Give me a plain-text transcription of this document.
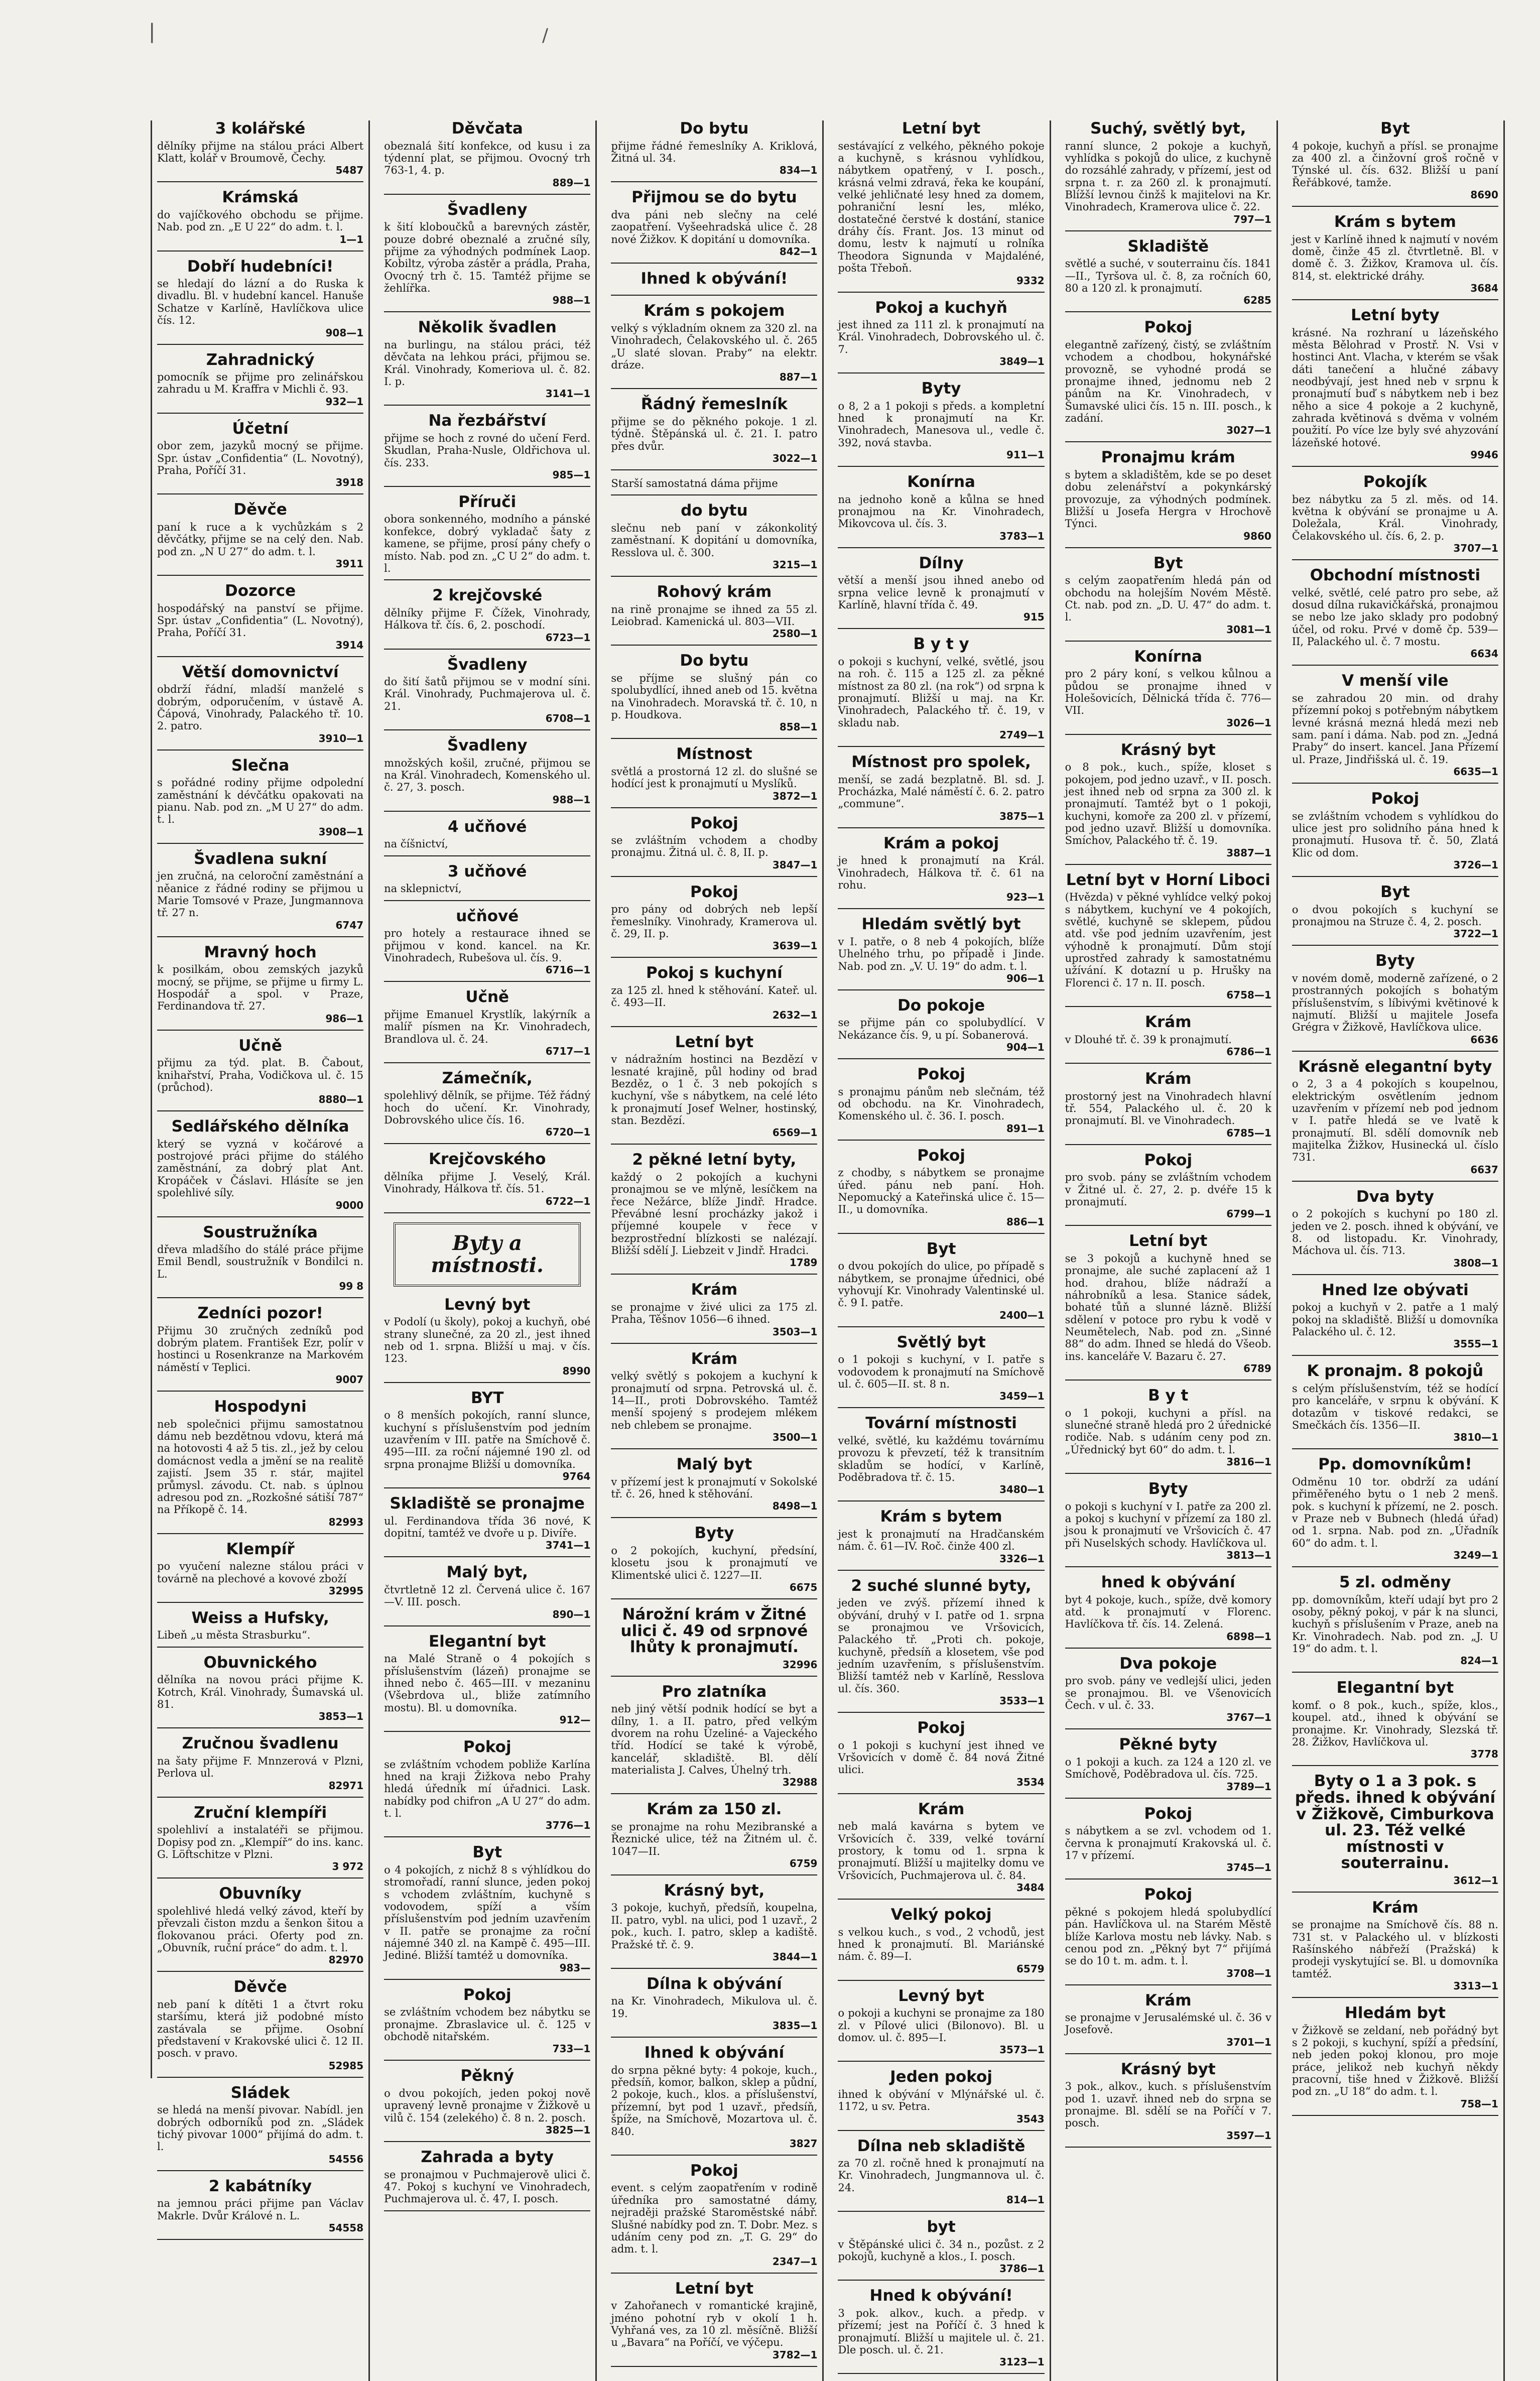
|	/
3 kolářské

dělníky přijme na stálou práci Albert Klatt, kolář v Broumově, Čechy.

5487
Krámská

do vajíčkového obchodu se přijme. Nab. pod zn. „E U 22“ do adm. t. l.

1—1
Dobří hudebníci!

se hledají do lázní a do Ruska k divadlu. Bl. v hudební kancel. Hanuše Schatze v Karlíně, Havlíčkova ulice čís. 12.

908—1
Zahradnický

pomocník se přijme pro zelinářskou zahradu u M. Kraffra v Michli č. 93.

932—1
Účetní

obor zem, jazyků mocný se přijme. Spr. ústav „Confidentia“ (L. Novotný), Praha, Poříčí 31.

3918
Děvče

paní k ruce a k vychůzkám s 2 děvčátky, přijme se na celý den. Nab. pod zn. „N U 27“ do adm. t. l.

3911
Dozorce

hospodářský na panství se přijme. Spr. ústav „Confidentia“ (L. Novotný), Praha, Poříčí 31.

3914
Větší domovnictví

obdrží řádní, mladší manželé s dobrým, odporučením, v ústavě A. Čápová, Vinohrady, Palackého tř. 10. 2. patro.

3910—1
Slečna

s pořádné rodiny přijme odpolední zaměstnání k dévčátku opakovati na pianu. Nab. pod zn. „M U 27“ do adm. t. l.

3908—1
Švadlena sukní

jen zručná, na celoroční zaměstnání a něanice z řádné rodiny se přijmou u Marie Tomsové v Praze, Jungmannova tř. 27 n.

6747
Mravný hoch

k posilkám, obou zemských jazyků mocný, se přijme, se přijme u firmy L. Hospodář a spol. v Praze, Ferdinandova tř. 27.

986—1
Učně

přijmu za týd. plat. B. Čabout, knihařství, Praha, Vodičkova ul. č. 15 (průchod).

8880—1
Sedlářského dělníka

který se vyzná v kočárové a postrojové práci přijme do stálého zaměstnání, za dobrý plat Ant. Kropáček v Čáslavi. Hlásíte se jen spolehlivé síly.

9000
Soustružníka

dřeva mladšího do stálé práce přijme Emil Bendl, soustružník v Bondilci n. L.

99 8
Zedníci pozor!

Přijmu 30 zručných zedníků pod dobrým platem. František Ezr, polír v hostinci u Rosenkranze na Markovém náměstí v Teplici.

9007
Hospodyni

neb společnici přijmu samostatnou dámu neb bezdětnou vdovu, která má na hotovosti 4 až 5 tis. zl., jež by celou domácnost vedla a jmění se na realitě zajistí. Jsem 35 r. stár, majitel průmysl. závodu. Ct. nab. s úplnou adresou pod zn. „Rozkošné sátiší 787“ na Příkopě č. 14.

82993
Klempíř

po vyučení nalezne stálou práci v továrně na plechové a kovové zboží

32995
Weiss a Hufsky,

Libeň „u města Strasburku“.

Obuvnického

dělníka na novou práci přijme K. Kotrch, Král. Vinohrady, Šumavská ul. 81.

3853—1
Zručnou švadlenu

na šaty přijme F. Mnnzerová v Plzni, Perlova ul.

82971
Zruční klempíři

spolehliví a instalatéři se přijmou. Dopisy pod zn. „Klempíř“ do ins. kanc. G. Löftschitze v Plzni.

3 972
Obuvníky

spolehlivé hledá velký závod, kteří by převzali čiston mzdu a šenkon šitou a flokovanou práci. Oferty pod zn. „Obuvník, ruční práce“ do adm. t. l.

82970
Děvče

neb paní k dítěti 1 a čtvrt roku staršímu, která již podobné místo zastávala se přijme. Osobní představení v Krakovské ulici č. 12 II. posch. v pravo.

52985
Sládek

se hledá na menší pivovar. Nabídl. jen dobrých odborníků pod zn. „Sládek tichý pivovar 1000“ přijímá do adm. t. l.

54556
2 kabátníky

na jemnou práci přijme pan Václav Makrle. Dvůr Králové n. L.

54558
Děvčata

obeznalá šití konfekce, od kusu i za týdenní plat, se přijmou. Ovocný trh 763-1, 4. p.

889—1
Švadleny

k šití kloboučků a barevných zástěr, pouze dobré obeznalé a zručné síly, přijme za výhodných podmínek Laop. Kobiltz, výroba zástěr a prádla, Praha, Ovocný trh č. 15. Tamtéž přijme se žehlířka.

988—1
Několik švadlen

na burlingu, na stálou práci, též děvčata na lehkou práci, přijmou se. Král. Vinohrady, Komeriova ul. č. 82. I. p.

3141—1
Na řezbářství

přijme se hoch z rovné do učení Ferd. Skudlan, Praha-Nusle, Oldřichova ul. čís. 233.

985—1
Příruči

obora sonkenného, modního a pánské konfekce, dobrý vykladač šaty z kamene, se přijme, prosí pány chefy o místo. Nab. pod zn. „C U 2“ do adm. t. l.

2 krejčovské

dělníky přijme F. Čížek, Vinohrady, Hálkova tř. čís. 6, 2. poschodí.

6723—1
Švadleny

do šití šatů přijmou se v modní síni. Král. Vinohrady, Puchmajerova ul. č. 21.

6708—1
Švadleny

množských košil, zručné, přijmou se na Král. Vinohradech, Komenského ul. č. 27, 3. posch.

988—1
4 učňové

na číšnictví,

3 učňové

na sklepnictví,

učňové

pro hotely a restaurace ihned se přijmou v kond. kancel. na Kr. Vinohradech, Rubešova ul. čís. 9.

6716—1
Učně

přijme Emanuel Krystlík, lakýrník a malíř písmen na Kr. Vinohradech, Brandlova ul. č. 24.

6717—1
Zámečník,

spolehlivý dělník, se přijme. Též řádný hoch do učení. Kr. Vinohrady, Dobrovského ulice čís. 16.

6720—1
Krejčovského

dělníka přijme J. Veselý, Král. Vinohrady, Hálkova tř. čís. 51.

6722—1
Byty a místnosti.
Levný byt

v Podolí (u školy), pokoj a kuchyň, obé strany slunečné, za 20 zl., jest ihned neb od 1. srpna. Bližší u maj. v čís. 123.

8990
BYT

o 8 menších pokojích, ranní slunce, kuchyní s příslušenstvím pod jedním uzavřením v III. patře na Smíchově č. 495—III. za roční nájemné 190 zl. od srpna pronajme Bližší u domovníka.

9764
Skladiště se pronajme

ul. Ferdinandova třída 36 nové, K dopitní, tamtéž ve dvoře u p. Divíře.

3741—1
Malý byt,

čtvrtletně 12 zl. Červená ulice č. 167—V. III. posch.

890—1
Elegantní byt

na Malé Straně o 4 pokojích s příslušenstvím (lázeň) pronajme se ihned nebo č. 465—III. v mezaninu (Všebrdova ul., bliže zatímního mostu). Bl. u domovníka.

912—
Pokoj

se zvláštním vchodem pobliže Karlína hned na kraji Žižkova nebo Prahy hledá úředník mí úřadnici. Lask. nabídky pod chifron „A U 27“ do adm. t. l.

3776—1
Byt

o 4 pokojích, z nichž 8 s výhlídkou do stromořadí, ranní slunce, jeden pokoj s vchodem zvláštním, kuchyně s vodovodem, spíží a vším příslušenstvím pod jedním uzavřením v II. patře se pronajme za roční nájemné 340 zl. na Kampě č. 495—III. Jediné. Bližší tamtéž u domovníka.

983—
Pokoj

se zvláštním vchodem bez nábytku se pronajme. Zbraslavice ul. č. 125 v obchodě nitařském.

733—1
Pěkný

o dvou pokojích, jeden pokoj nově upravený levně pronajme v Žižkově u vilů č. 154 (zelekého) č. 8 n. 2. posch.

3825—1
Zahrada a byty

se pronajmou v Puchmajerově ulici č. 47. Pokoj s kuchyní ve Vinohradech, Puchmajerova ul. č. 47, I. posch.

Do bytu

přijme řádné řemeslníky A. Kriklová, Žitná ul. 34.

834—1
Přijmou se do bytu

dva páni neb slečny na celé zaopatření. Vyšeehradská ulice č. 28 nové Žižkov. K dopitání u domovníka.

842—1
Ihned k obývání!

Krám s pokojem

velký s výkladním oknem za 320 zl. na Vinohradech, Čelakovského ul. č. 265 „U slaté slovan. Praby“ na elektr. dráze.

887—1
Řádný řemeslník

přijme se do pěkného pokoje. 1 zl. týdně. Štěpánská ul. č. 21. I. patro přes dvůr.

3022—1

Starší samostatná dáma přijme

do bytu

slečnu neb paní v zákonkolitý zaměstnaní. K dopitání u domovníka, Resslova ul. č. 300.

3215—1
Rohový krám

na rině pronajme se ihned za 55 zl. Leiobrad. Kamenická ul. 803—VII.

2580—1
Do bytu

se příjme se slušný pán co spolubydlící, ihned aneb od 15. května na Vinohradech. Moravská tř. č. 10, n p. Houdkova.

858—1
Místnost

světlá a prostorná 12 zl. do slušné se hodící jest k pronajmutí u Myslíků.

3872—1
Pokoj

se zvláštním vchodem a chodby pronajmu. Žitná ul. č. 8, II. p.

3847—1
Pokoj

pro pány od dobrých neb lepší řemeslníky. Vinohrady, Kramerova ul. č. 29, II. p.

3639—1
Pokoj s kuchyní

za 125 zl. hned k stěhování. Kateř. ul. č. 493—II.

2632—1
Letní byt

v nádražním hostinci na Bezdězí v lesnaté krajině, půl hodiny od brad Bezděz, o 1 č. 3 neb pokojích s kuchyní, vše s nábytkem, na celé léto k pronajmutí Josef Welner, hostinský, stan. Bezdězí.

6569—1
2 pěkné letní byty,

každý o 2 pokojích a kuchyni pronajmou se ve mlýně, lesíčkem na řece Nežárce, blíže Jindř. Hradce. Převábné lesní procházky jakož i příjemné koupele v řece v bezprostřední blízkosti se nalézají. Bližší sdělí J. Liebzeit v Jindř. Hradci.

1789
Krám

se pronajme v živé ulici za 175 zl. Praha, Těšnov 1056—6 ihned.

3503—1
Krám

velký světlý s pokojem a kuchyní k pronajmutí od srpna. Petrovská ul. č. 14—II., proti Dobrovského. Tamtéž menší spojený s prodejem mlékem neb chlebem se pronajme.

3500—1
Malý byt

v přízemí jest k pronajmutí v Sokolské tř. č. 26, hned k stěhování.

8498—1
Byty

o 2 pokojích, kuchyní, předsíní, klosetu jsou k pronajmutí ve Klimentské ulici č. 1227—II.

6675
Nárožní krám v Žitné ulici č. 49 od srpnové lhůty k pronajmutí.

32996
Pro zlatníka

neb jiný větší podnik hodící se byt a dílny, 1. a II. patro, před velkým dvorem na rohu Úzeliné- a Vajeckého tříd. Hodící se také k výrobě, kancelář, skladiště. Bl. dělí materialista J. Calves, Úhelný trh.

32988
Krám za 150 zl.

se pronajme na rohu Mezibranské a Řeznické ulice, též na Žitném ul. č. 1047—II.

6759
Krásný byt,

3 pokoje, kuchyň, předsíň, koupelna, II. patro, vybl. na ulici, pod 1 uzavř., 2 pok., kuch. I. patro, sklep a kadiště. Pražské tř. č. 9.

3844—1
Dílna k obývání

na Kr. Vinohradech, Mikulova ul. č. 19.

3835—1
Ihned k obývání

do srpna pěkné byty: 4 pokoje, kuch., předsíň, komor, balkon, sklep a půdní, 2 pokoje, kuch., klos. a příslušenství, přízemní, byt pod 1 uzavř., předsíň, špíže, na Smíchově, Mozartova ul. č. 840.

3827
Pokoj

event. s celým zaopatřením v rodině úředníka pro samostatné dámy, nejraději pražské Staroměstské nábř. Slušné nabídky pod zn. T. Dobr. Mez. s udáním ceny pod zn. „T. G. 29“ do adm. t. l.

2347—1
Letní byt

v Zahořanech v romantické krajině, jméno pohotní ryb v okolí 1 h. Vyhřaná ves, za 10 zl. měsíčně. Bližší u „Bavara“ na Poříčí, ve výčepu.

3782—1
Letní byt

sestávající z velkého, pěkného pokoje a kuchyně, s krásnou vyhlídkou, nábytkem opatřený, v I. posch., krásná velmi zdravá, řeka ke koupání, velké jehličnaté lesy hned za domem, pohraniční lesní les, mléko, dostatečné čerstvé k dostání, stanice dráhy čís. Frant. Jos. 13 minut od domu, lestv k najmutí u rolníka Theodora Signunda v Majdaléné, pošta Třeboň.

9332
Pokoj a kuchyň

jest ihned za 111 zl. k pronajmutí na Král. Vinohradech, Dobrovského ul. č. 7.

3849—1
Byty

o 8, 2 a 1 pokoji s předs. a kompletní hned k pronajmutí na Kr. Vinohradech, Manesova ul., vedle č. 392, nová stavba.

911—1
Konírna

na jednoho koně a kůlna se hned pronajmou na Kr. Vinohradech, Mikovcova ul. čís. 3.

3783—1
Dílny

větší a menší jsou ihned anebo od srpna velice levně k pronajmutí v Karlíně, hlavní třída č. 49.

915
B y t y

o pokoji s kuchyní, velké, světlé, jsou na roh. č. 115 a 125 zl. za pěkné místnost za 80 zl. (na rok“) od srpna k pronajmutí. Bližší u maj. na Kr. Vinohradech, Palackého tř. č. 19, v skladu nab.

2749—1
Místnost pro spolek,

menší, se zadá bezplatně. Bl. sd. J. Procházka, Malé náměstí č. 6. 2. patro „commune“.

3875—1
Krám a pokoj

je hned k pronajmutí na Král. Vinohradech, Hálkova tř. č. 61 na rohu.

923—1
Hledám světlý byt

v I. patře, o 8 neb 4 pokojích, blíže Uhelného trhu, po případě i Jinde. Nab. pod zn. „V. U. 19“ do adm. t. l.

906—1
Do pokoje

se přijme pán co spolubydlící. V Nekázance čís. 9, u pí. Sobanerová.

904—1
Pokoj

s pronajmu pánům neb slečnám, též od obchodu. na Kr. Vinohradech, Komenského ul. č. 36. I. posch.

891—1
Pokoj

z chodby, s nábytkem se pronajme úřed. pánu neb paní. Hoh. Nepomucký a Kateřinská ulice č. 15—II., u domovníka.

886—1
Byt

o dvou pokojích do ulice, po případě s nábytkem, se pronajme úřednici, obé vyhovují Kr. Vinohrady Valentinské ul. č. 9 I. patře.

2400—1
Světlý byt

o 1 pokoji s kuchyní, v I. patře s vodovodem k pronajmutí na Smíchově ul. č. 605—II. st. 8 n.

3459—1
Tovární místnosti

velké, světlé, ku každému továrnímu provozu k převzetí, též k transitním skladům se hodící, v Karlíně, Poděbradova tř. č. 15.

3480—1
Krám s bytem

jest k pronajmutí na Hradčanském nám. č. 61—IV. Roč. činže 400 zl.

3326—1
2 suché slunné byty,

jeden ve zvýš. přízemí ihned k obývání, druhý v I. patře od 1. srpna se pronajmou ve Vršovicích, Palackého tř. „Proti ch. pokoje, kuchyně, předsíň a klosetem, vše pod jedním uzavřením, s příslušenstvím. Bližší tamtéž neb v Karlíně, Resslova ul. čís. 360.

3533—1
Pokoj

o 1 pokoji s kuchyní jest ihned ve Vršovicích v domě č. 84 nová Žitné ulici.

3534
Krám

neb malá kavárna s bytem ve Vršovicích č. 339, velké tovární prostory, k tomu od 1. srpna k pronajmutí. Bližší u majitelky domu ve Vršovicích, Puchmajerova ul. č. 84.

3484
Velký pokoj

s velkou kuch., s vod., 2 vchodů, jest hned k pronajmutí. Bl. Mariánské nám. č. 89—I.

6579
Levný byt

o pokoji a kuchyni se pronajme za 180 zl. v Pílové ulici (Bilonovo). Bl. u domov. ul. č. 895—I.

3573—1
Jeden pokoj

ihned k obývání v Mlýnářské ul. č. 1172, u sv. Petra.

3543
Dílna neb skladiště

za 70 zl. ročně hned k pronajmutí na Kr. Vinohradech, Jungmannova ul. č. 24.

814—1
byt

v Štěpánské ulici č. 34 n., pozůst. z 2 pokojů, kuchyně a klos., I. posch.

3786—1
Hned k obývání!

3 pok. alkov., kuch. a předp. v přízemí; jest na Poříčí č. 3 hned k pronajmutí. Bližší u majitele ul. č. 21. Dle posch. ul. č. 21.

3123—1
Suchý, světlý byt,

ranní slunce, 2 pokoje a kuchyň, vyhlídka s pokojů do ulice, z kuchyně do rozsáhlé zahrady, v přízemí, jest od srpna t. r. za 260 zl. k pronajmutí. Blížší levnou činžš k majitelovi na Kr. Vinohradech, Kramerova ulice č. 22.

797—1
Skladiště

světlé a suché, v souterrainu čís. 1841—II., Tyršova ul. č. 8, za ročních 60, 80 a 120 zl. k pronajmutí.

6285
Pokoj

elegantně zařízený, čistý, se zvláštním vchodem a chodbou, hokynářské provozně, se vyhodné prodá se pronajme ihned, jednomu neb 2 pánům na Kr. Vinohradech, v Šumavské ulici čís. 15 n. III. posch., k zadání.

3027—1
Pronajmu krám

s bytem a skladištěm, kde se po deset dobu zelenářství a pokynkárský provozuje, za výhodných podmínek. Bližší u Josefa Hergra v Hrochově Týnci.

9860
Byt

s celým zaopatřením hledá pán od obchodu na holejším Novém Městě. Ct. nab. pod zn. „D. U. 47“ do adm. t. l.

3081—1
Konírna

pro 2 páry koní, s velkou kůlnou a půdou se pronajme ihned v Holešovicích, Dělnická třída č. 776—VII.

3026—1
Krásný byt

o 8 pok., kuch., spíže, kloset s pokojem, pod jedno uzavř., v II. posch. jest ihned neb od srpna za 300 zl. k pronajmutí. Tamtéž byt o 1 pokoji, kuchyni, komoře za 200 zl. v přízemí, pod jedno uzavř. Bližší u domovníka. Smíchov, Palackého tř. č. 19.

3887—1
Letní byt v Horní Liboci

(Hvězda) v pěkné vyhlídce velký pokoj s nábytkem, kuchyní ve 4 pokojích, světlé, kuchyně se sklepem, půdou atd. vše pod jedním uzavřením, jest výhodně k pronajmutí. Dům stojí uprostřed zahrady k samostatnému užívání. K dotazní u p. Hrušky na Florenci č. 17 n. II. posch.

6758—1
Krám

v Dlouhé tř. č. 39 k pronajmutí.

6786—1
Krám

prostorný jest na Vinohradech hlavní tř. 554, Palackého ul. č. 20 k pronajmutí. Bl. ve Vinohradech.

6785—1
Pokoj

pro svob. pány se zvláštním vchodem v Žitné ul. č. 27, 2. p. dvéře 15 k pronajmutí.

6799—1
Letní byt

se 3 pokojů a kuchyně hned se pronajme, ale suché zaplacení až 1 hod. drahou, blíže nádraží a náhrobníků a lesa. Stanice sádek, bohaté tůň a slunné lázně. Bližší sdělení v potoce pro rybu k vodě v Neumětelech, Nab. pod zn. „Sinné 88“ do adm. Ihned se hledá do Všeob. ins. kanceláře V. Bazaru č. 27.

6789
B y t

o 1 pokoji, kuchyni a přísl. na slunečné straně hledá pro 2 úřednické rodiče. Nab. s udáním ceny pod zn. „Úřednický byt 60“ do adm. t. l.

3816—1
Byty

o pokoji s kuchyní v I. patře za 200 zl. a pokoj s kuchyní v přízemí za 180 zl. jsou k pronajmutí ve Vršovicích č. 47 při Nuselských schody. Havlíčkova ul.

3813—1
hned k obývání

byt 4 pokoje, kuch., spíže, dvě komory atd. k pronajmutí v Florenc. Havlíčkova tř. čís. 14. Zelená.

6898—1
Dva pokoje

pro svob. pány ve vedlejší ulici, jeden se pronajmou. Bl. ve Všenovicích Čech. v ul. č. 33.

3767—1
Pěkné byty

o 1 pokoji a kuch. za 124 a 120 zl. ve Smíchově, Poděbradova ul. čís. 725.

3789—1
Pokoj

s nábytkem a se zvl. vchodem od 1. června k pronajmutí Krakovská ul. č. 17 v přízemí.

3745—1
Pokoj

pěkné s pokojem hledá spolubydlící pán. Havlíčkova ul. na Starém Městě blíže Karlova mostu neb lávky. Nab. s cenou pod zn. „Pěkný byt 7“ přijímá se do 10 t. m. adm. t. l.

3708—1
Krám

se pronajme v Jerusalémské ul. č. 36 v Josefově.

3701—1
Krásný byt

3 pok., alkov., kuch. s příslušenstvím pod 1. uzavř. ihned neb do srpna se pronajme. Bl. sdělí se na Poříčí v 7. posch.

3597—1
Byt

4 pokoje, kuchyň a přísl. se pronajme za 400 zl. a činžovní groš ročně v Týnské ul. čís. 632. Bližší u paní Řeřábkové, tamže.

8690
Krám s bytem

jest v Karlíně ihned k najmutí v novém domě, činže 45 zl. čtvrtletně. Bl. v domě č. 3. Žižkov, Kramova ul. čís. 814, st. elektrické dráhy.

3684
Letní byty

krásné. Na rozhraní u lázeňského města Bělohrad v Prostř. N. Vsi v hostinci Ant. Vlacha, v kterém se však dáti tanečení a hlučné zábavy neodbývají, jest hned neb v srpnu k pronajmutí buď s nábytkem neb i bez něho a sice 4 pokoje a 2 kuchyně, zahrada květinová s dvěma v volném použití. Po více lze byly své ahyzování lázeňské hotové.

9946
Pokojík

bez nábytku za 5 zl. měs. od 14. května k obývání se pronajme u A. Doležala, Král. Vinohrady, Čelakovského ul. čís. 6, 2. p.

3707—1
Obchodní místnosti

velké, světlé, celé patro pro sebe, až dosud dílna rukavičkářská, pronajmou se nebo lze jako sklady pro podobný účel, od roku. Prvé v domě čp. 539—II, Palackého ul. č. 7 mostu.

6634
V menší vile

se zahradou 20 min. od drahy přízemní pokoj s potřebným nábytkem levné krásná mezná hledá mezi neb sam. paní i dáma. Nab. pod zn. „Jedná Praby“ do insert. kancel. Jana Přízemí ul. Praze, Jindřišská ul. č. 19.

6635—1
Pokoj

se zvláštním vchodem s vyhlídkou do ulice jest pro solidního pána hned k pronajmutí. Husova tř. č. 50, Zlatá Klic od dom.

3726—1
Byt

o dvou pokojích s kuchyní se pronajmou na Struze č. 4, 2. posch.

3722—1
Byty

v novém domě, moderně zařízené, o 2 prostranných pokojích s bohatým příslušenstvím, s líbivými květinové k najmutí. Bližší u majitele Josefa Grégra v Žižkově, Havlíčkova ulice.

6636
Krásně elegantní byty

o 2, 3 a 4 pokojích s koupelnou, elektrickým osvětlením jednom uzavřením v přízemí neb pod jednom v I. patře hledá se ve lvatě k pronajmutí. Bl. sdělí domovník neb majitelka Žižkov, Husinecká ul. číslo 731.

6637
Dva byty

o 2 pokojích s kuchyní po 180 zl. jeden ve 2. posch. ihned k obývání, ve 8. od listopadu. Kr. Vinohrady, Máchova ul. čís. 713.

3808—1
Hned lze obývati

pokoj a kuchyň v 2. patře a 1 malý pokoj na skladiště. Bližší u domovníka Palackého ul. č. 12.

3555—1
K pronajm. 8 pokojů

s celým příslušenstvím, též se hodící pro kanceláře, v srpnu k obývání. K dotazům v tiskové redakci, se Smečkách čís. 1356—II.

3810—1
Pp. domovníkům!

Odměnu 10 tor. obdrží za udání přiměřeného bytu o 1 neb 2 menš. pok. s kuchyní k přízemí, ne 2. posch. v Praze neb v Bubnech (hledá úřad) od 1. srpna. Nab. pod zn. „Úřadník 60“ do adm. t. l.

3249—1
5 zl. odměny

pp. domovníkům, kteří udají byt pro 2 osoby, pěkný pokoj, v pár k na slunci, kuchyň s příslušením v Praze, aneb na Kr. Vinohradech. Nab. pod zn. „J. U 19“ do adm. t. l.

824—1
Elegantní byt

komf. o 8 pok., kuch., spíže, klos., koupel. atd., ihned k obývání se pronajme. Kr. Vinohrady, Slezská tř. 28. Žižkov, Havlíčkova ul.

3778
Byty o 1 a 3 pok. s předs. ihned k obývání v Žižkově, Cimburkova ul. 23. Též velké místnosti v souterrainu.

3612—1
Krám

se pronajme na Smíchově čís. 88 n. 731 st. v Palackého ul. v blízkosti Rašínského nábřeží (Pražská) k prodeji vyskytující se. Bl. u domovníka tamtéž.

3313—1
Hledám byt

v Žižkově se zeldaní, neb pořádný byt s 2 pokoji, s kuchyní, spíží a předsíní, neb jeden pokoj klonou, pro moje práce, jelikož neb kuchyň někdy pracovní, tiše hned v Žižkově. Bližší pod zn. „U 18“ do adm. t. l.

758—1
